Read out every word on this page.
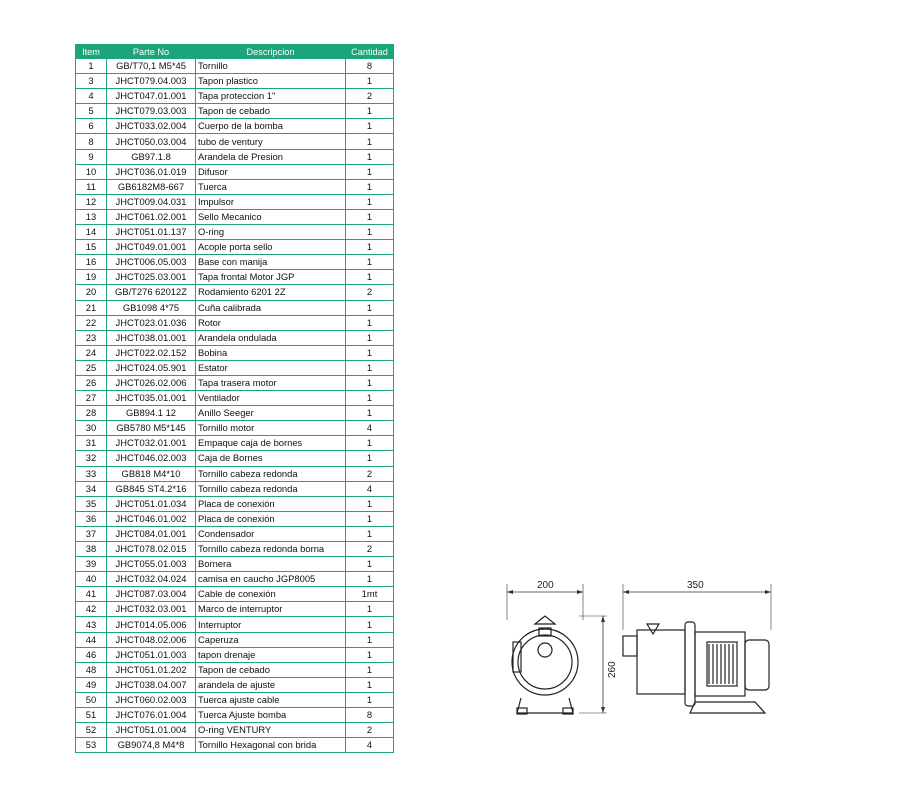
Item	Parte No	Descripcion	Cantidad
1	GB/T70,1 M5*45	Tornillo	8
3	JHCT079.04.003	Tapon plastico	1
4	JHCT047.01.001	Tapa proteccion 1"	2
5	JHCT079.03.003	Tapon de cebado	1
6	JHCT033.02.004	Cuerpo de la bomba	1
8	JHCT050.03.004	tubo de ventury	1
9	GB97.1.8	Arandela de Presion	1
10	JHCT036.01.019	Difusor	1
11	GB6182M8-667	Tuerca	1
12	JHCT009.04.031	Impulsor	1
13	JHCT061.02.001	Sello Mecanico	1
14	JHCT051.01.137	O-ring	1
15	JHCT049.01.001	Acople porta sello	1
16	JHCT006.05.003	Base con manija	1
19	JHCT025.03.001	Tapa frontal Motor JGP	1
20	GB/T276 62012Z	Rodamiento 6201 2Z	2
21	GB1098 4*75	Cuña calibrada	1
22	JHCT023.01.036	Rotor	1
23	JHCT038.01.001	Arandela ondulada	1
24	JHCT022.02.152	Bobina	1
25	JHCT024.05.901	Estator	1
26	JHCT026.02.006	Tapa trasera motor	1
27	JHCT035.01.001	Ventilador	1
28	GB894.1 12	Anillo Seeger	1
30	GB5780 M5*145	Tornillo motor	4
31	JHCT032.01.001	Empaque caja de bornes	1
32	JHCT046.02.003	Caja de Bornes	1
33	GB818 M4*10	Tornillo cabeza redonda	2
34	GB845 ST4.2*16	Tornillo cabeza redonda	4
35	JHCT051.01.034	Placa de conexión	1
36	JHCT046.01.002	Placa de conexión	1
37	JHCT084.01.001	Condensador	1
38	JHCT078.02.015	Tornillo cabeza redonda borna	2
39	JHCT055.01.003	Bornera	1
40	JHCT032.04.024	camisa en caucho JGP8005	1
41	JHCT087.03.004	Cable de conexión	1mt
42	JHCT032.03.001	Marco de interruptor	1
43	JHCT014.05.006	Interruptor	1
44	JHCT048.02.006	Caperuza	1
46	JHCT051.01.003	tapon drenaje	1
48	JHCT051.01.202	Tapon de cebado	1
49	JHCT038.04.007	arandela de ajuste	1
50	JHCT060.02.003	Tuerca ajuste cable	1
51	JHCT076.01.004	Tuerca Ajuste bomba	8
52	JHCT051.01.004	O-ring VENTURY	2
53	GB9074,8 M4*8	Tornillo Hexagonal con brida	4
200
260
350
